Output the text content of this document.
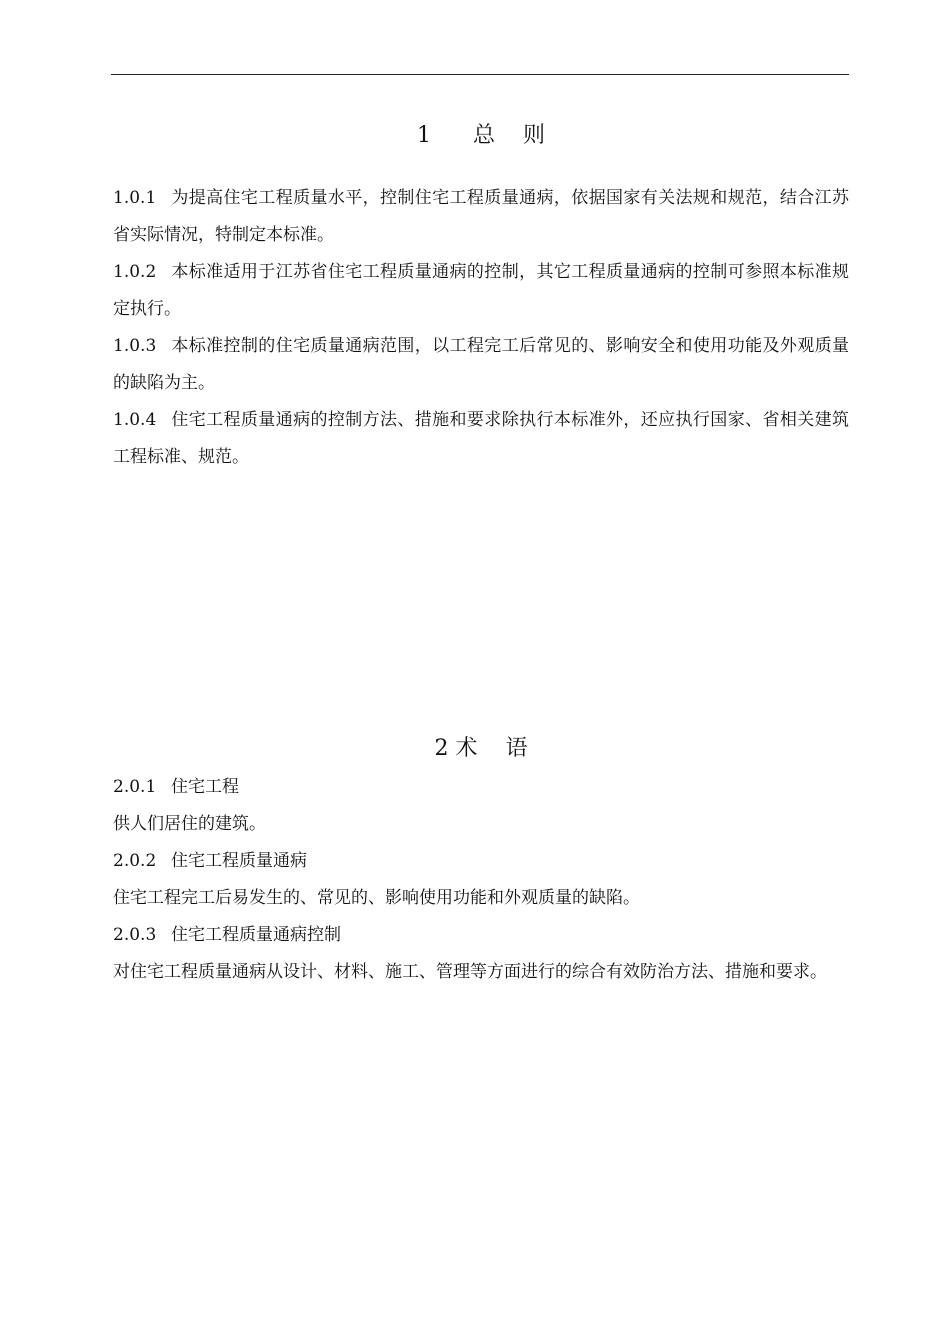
1      总    则

1.0.1 为提高住宅工程质量水平，控制住宅工程质量通病，依据国家有关法规和规范，结合江苏省实际情况，特制定本标准。

1.0.2 本标准适用于江苏省住宅工程质量通病的控制，其它工程质量通病的控制可参照本标准规定执行。

1.0.3 本标准控制的住宅质量通病范围，以工程完工后常见的、影响安全和使用功能及外观质量的缺陷为主。

1.0.4 住宅工程质量通病的控制方法、措施和要求除执行本标准外，还应执行国家、省相关建筑工程标准、规范。

2 术    语

2.0.1 住宅工程

供人们居住的建筑。

2.0.2 住宅工程质量通病

住宅工程完工后易发生的、常见的、影响使用功能和外观质量的缺陷。

2.0.3 住宅工程质量通病控制

对住宅工程质量通病从设计、材料、施工、管理等方面进行的综合有效防治方法、措施和要求。
